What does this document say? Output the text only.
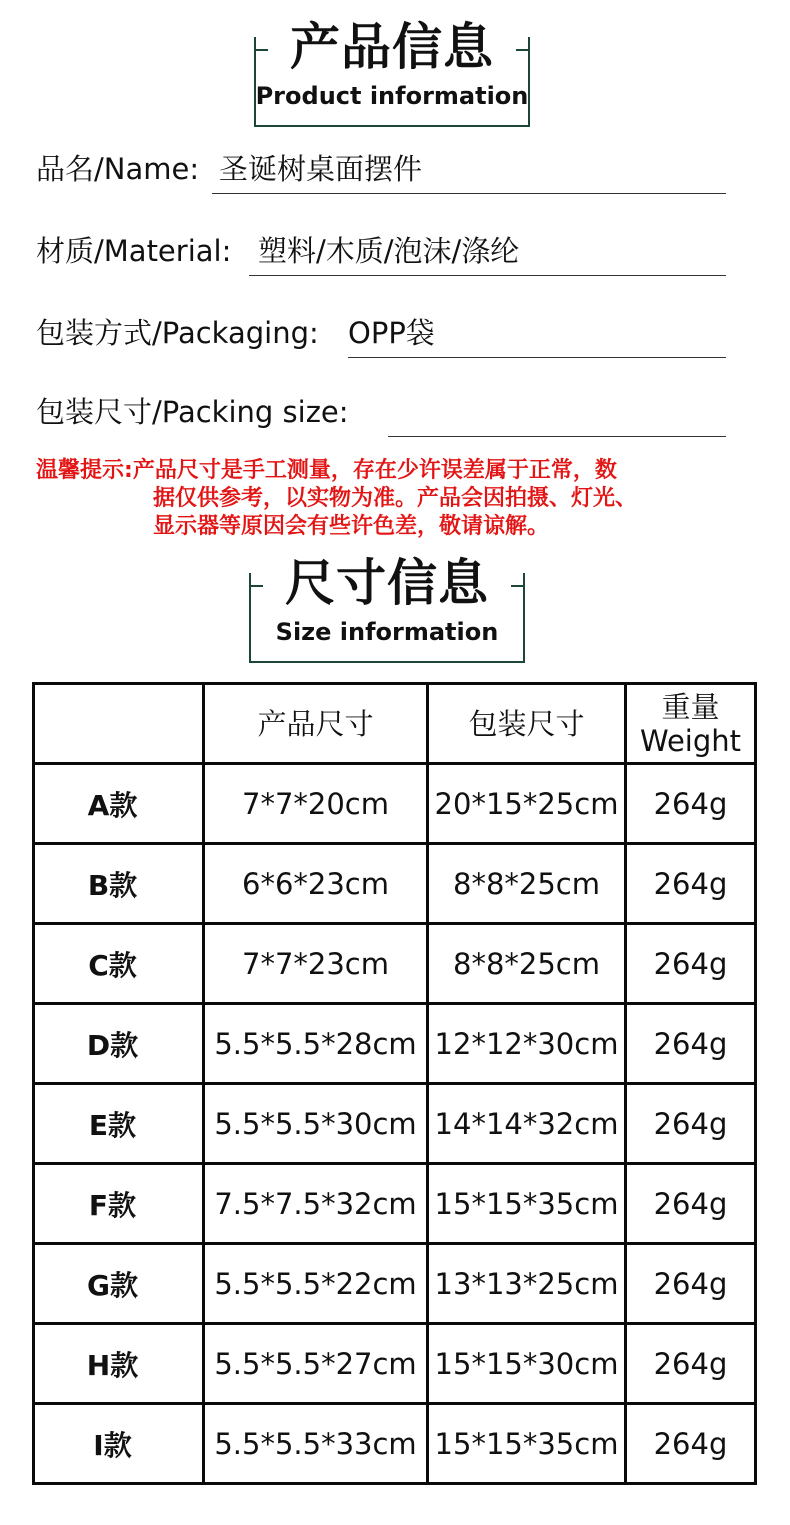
产品信息
Product information
品名/Name: 圣诞树桌面摆件
材质/Material: 塑料/木质/泡沫/涤纶
包装方式/Packaging: OPP袋
包装尺寸/Packing size:
温馨提示:产品尺寸是手工测量，存在少许误差属于正常，数
据仅供参考，以实物为准。产品会因拍摄、灯光、
显示器等原因会有些许色差，敬请谅解。
尺寸信息
Size information
	产品尺寸	包装尺寸	重量
Weight
A款	7*7*20cm	20*15*25cm	264g
B款	6*6*23cm	8*8*25cm	264g
C款	7*7*23cm	8*8*25cm	264g
D款	5.5*5.5*28cm	12*12*30cm	264g
E款	5.5*5.5*30cm	14*14*32cm	264g
F款	7.5*7.5*32cm	15*15*35cm	264g
G款	5.5*5.5*22cm	13*13*25cm	264g
H款	5.5*5.5*27cm	15*15*30cm	264g
I款	5.5*5.5*33cm	15*15*35cm	264g
